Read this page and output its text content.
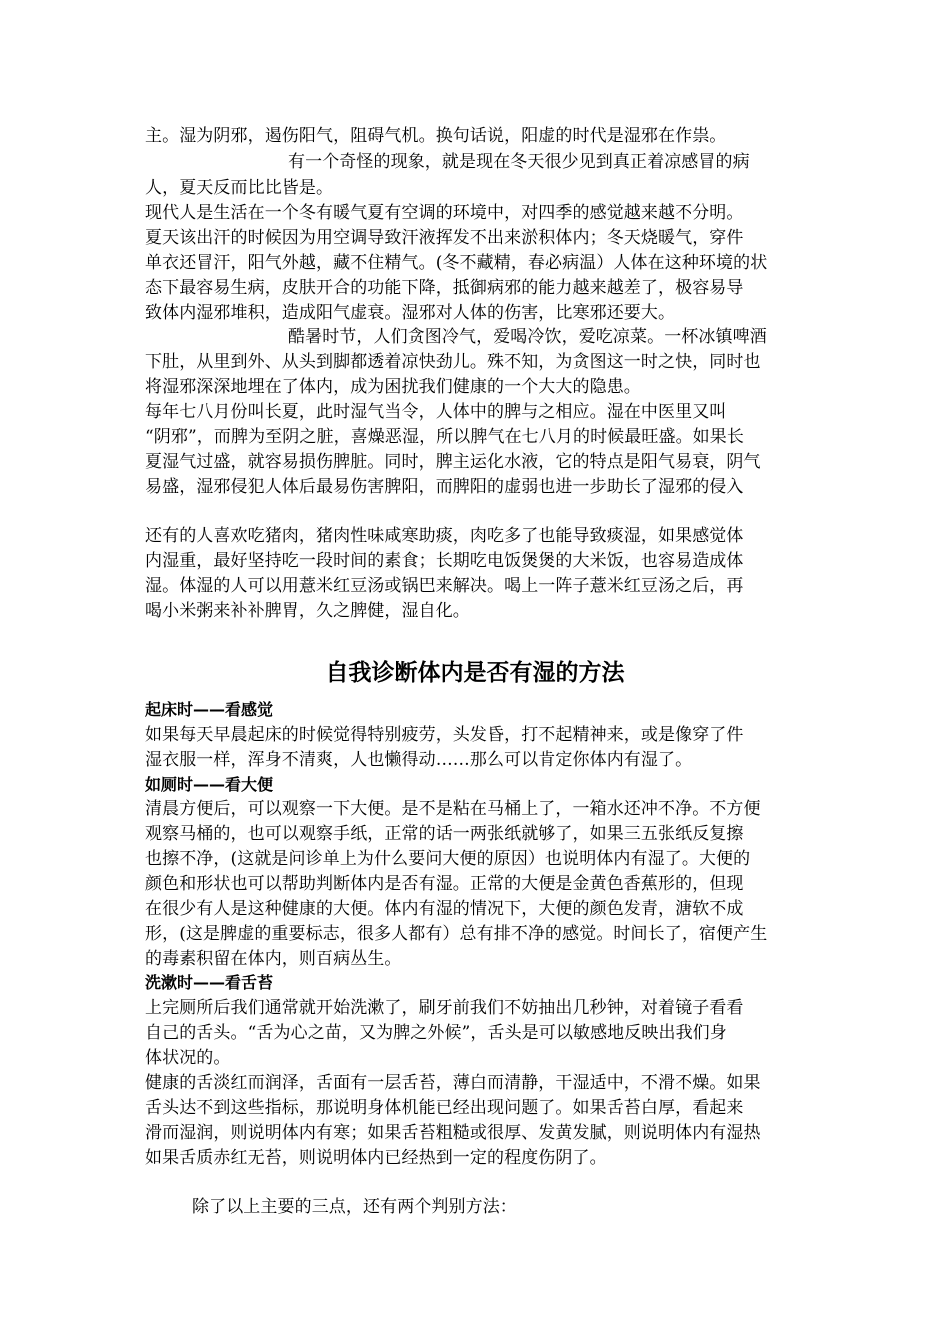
主。湿为阴邪，遏伤阳气，阻碍气机。换句话说，阳虚的时代是湿邪在作祟。
有一个奇怪的现象，就是现在冬天很少见到真正着凉感冒的病
人，夏天反而比比皆是。
现代人是生活在一个冬有暖气夏有空调的环境中，对四季的感觉越来越不分明。
夏天该出汗的时候因为用空调导致汗液挥发不出来淤积体内；冬天烧暖气，穿件
单衣还冒汗，阳气外越，藏不住精气。(冬不藏精，春必病温）人体在这种环境的状
态下最容易生病，皮肤开合的功能下降，抵御病邪的能力越来越差了，极容易导
致体内湿邪堆积，造成阳气虚衰。湿邪对人体的伤害，比寒邪还要大。
酷暑时节，人们贪图冷气，爱喝冷饮，爱吃凉菜。一杯冰镇啤酒
下肚，从里到外、从头到脚都透着凉快劲儿。殊不知，为贪图这一时之快，同时也
将湿邪深深地埋在了体内，成为困扰我们健康的一个大大的隐患。
每年七八月份叫长夏，此时湿气当令，人体中的脾与之相应。湿在中医里又叫
“阴邪”，而脾为至阴之脏，喜燥恶湿，所以脾气在七八月的时候最旺盛。如果长
夏湿气过盛，就容易损伤脾脏。同时，脾主运化水液，它的特点是阳气易衰，阴气
易盛，湿邪侵犯人体后最易伤害脾阳，而脾阳的虚弱也进一步助长了湿邪的侵入
还有的人喜欢吃猪肉，猪肉性味咸寒助痰，肉吃多了也能导致痰湿，如果感觉体
内湿重，最好坚持吃一段时间的素食；长期吃电饭煲煲的大米饭，也容易造成体
湿。体湿的人可以用薏米红豆汤或锅巴来解决。喝上一阵子薏米红豆汤之后，再
喝小米粥来补补脾胃，久之脾健，湿自化。
自我诊断体内是否有湿的方法
起床时——看感觉
如果每天早晨起床的时候觉得特别疲劳，头发昏，打不起精神来，或是像穿了件
湿衣服一样，浑身不清爽，人也懒得动……那么可以肯定你体内有湿了。
如厕时——看大便
清晨方便后，可以观察一下大便。是不是粘在马桶上了，一箱水还冲不净。不方便
观察马桶的，也可以观察手纸，正常的话一两张纸就够了，如果三五张纸反复擦
也擦不净，(这就是问诊单上为什么要问大便的原因）也说明体内有湿了。大便的
颜色和形状也可以帮助判断体内是否有湿。正常的大便是金黄色香蕉形的，但现
在很少有人是这种健康的大便。体内有湿的情况下，大便的颜色发青，溏软不成
形，(这是脾虚的重要标志，很多人都有）总有排不净的感觉。时间长了，宿便产生
的毒素积留在体内，则百病丛生。
洗漱时——看舌苔
上完厕所后我们通常就开始洗漱了，刷牙前我们不妨抽出几秒钟，对着镜子看看
自己的舌头。“舌为心之苗，又为脾之外候”，舌头是可以敏感地反映出我们身
体状况的。
健康的舌淡红而润泽，舌面有一层舌苔，薄白而清静，干湿适中，不滑不燥。如果
舌头达不到这些指标，那说明身体机能已经出现问题了。如果舌苔白厚，看起来
滑而湿润，则说明体内有寒；如果舌苔粗糙或很厚、发黄发腻，则说明体内有湿热
如果舌质赤红无苔，则说明体内已经热到一定的程度伤阴了。
除了以上主要的三点，还有两个判别方法：
